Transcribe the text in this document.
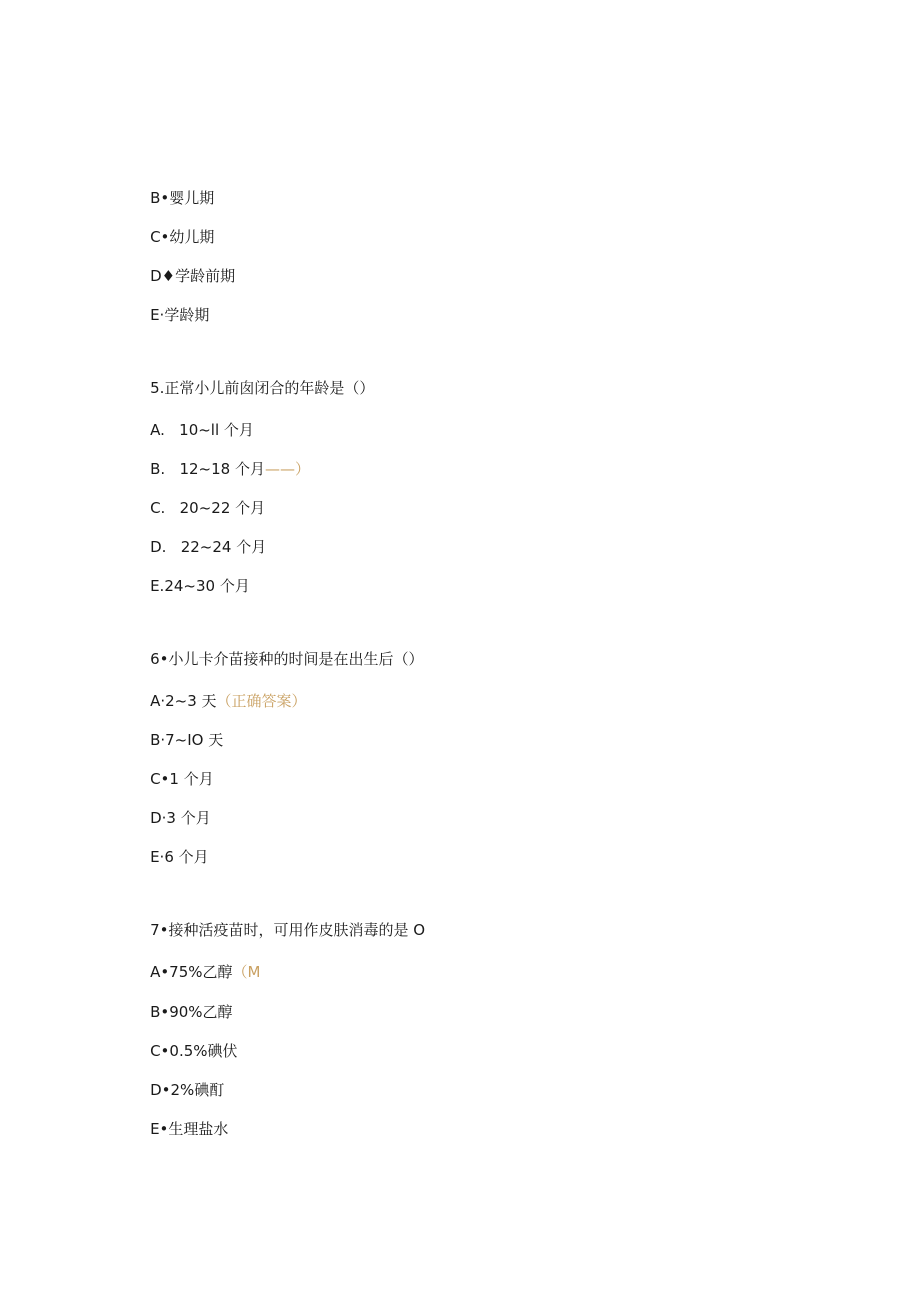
B•婴儿期

C•幼儿期

D♦学龄前期

E·学龄期

5.正常小儿前囱闭合的年龄是（）

A.   10~ll 个月

B.   12~18 个月——）

C.   20~22 个月

D.   22~24 个月

E.24~30 个月

6•小儿卡介苗接种的时间是在出生后（）

A·2~3 天（正确答案）

B·7~IO 天

C•1 个月

D·3 个月

E·6 个月

7•接种活疫苗时，可用作皮肤消毒的是 O

A•75%乙醇（M

B•90%乙醇

C•0.5%碘伏

D•2%碘酊

E•生理盐水
